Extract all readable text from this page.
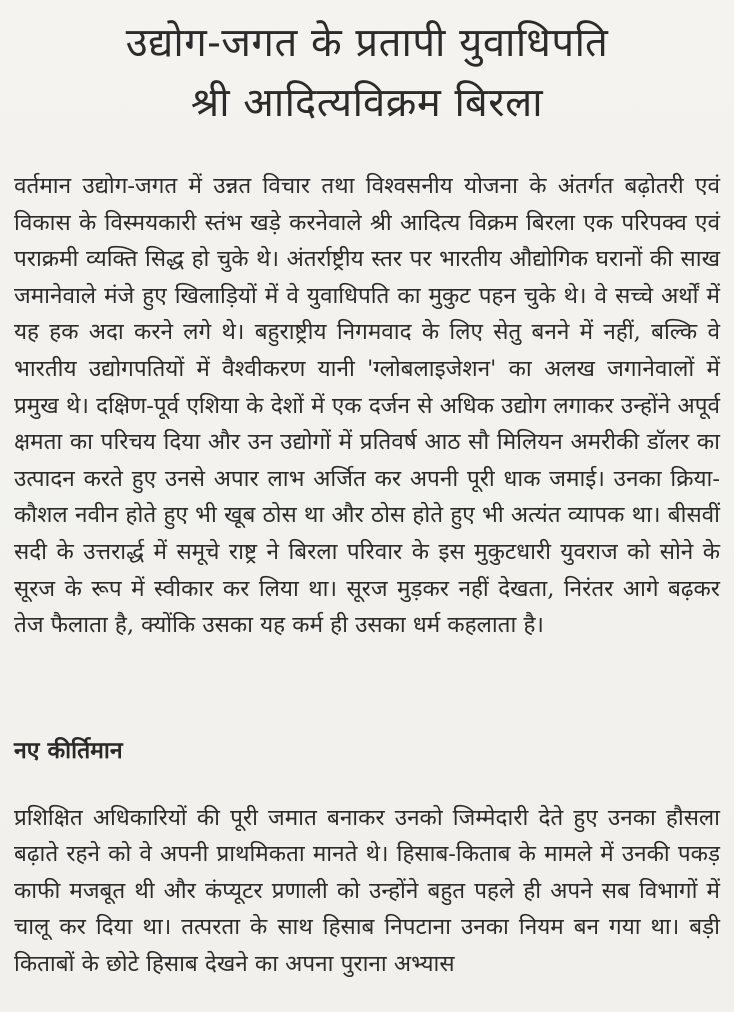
उद्योग-जगत के प्रतापी युवाधिपति
श्री आदित्यविक्रम बिरला
वर्तमान उद्योग-जगत में उन्नत विचार तथा विश्वसनीय योजना के अंतर्गत बढ़ोतरी एवं विकास के विस्मयकारी स्तंभ खड़े करनेवाले श्री आदित्य विक्रम बिरला एक परिपक्व एवं पराक्रमी व्यक्ति सिद्ध हो चुके थे। अंतर्राष्ट्रीय स्तर पर भारतीय औद्योगिक घरानों की साख जमानेवाले मंजे हुए खिलाड़ियों में वे युवाधिपति का मुकुट पहन चुके थे। वे सच्चे अर्थों में यह हक अदा करने लगे थे। बहुराष्ट्रीय निगमवाद के लिए सेतु बनने में नहीं, बल्कि वे भारतीय उद्योगपतियों में वैश्वीकरण यानी 'ग्लोबलाइजेशन' का अलख जगानेवालों में प्रमुख थे। दक्षिण-पूर्व एशिया के देशों में एक दर्जन से अधिक उद्योग लगाकर उन्होंने अपूर्व क्षमता का परिचय दिया और उन उद्योगों में प्रतिवर्ष आठ सौ मिलियन अमरीकी डॉलर का उत्पादन करते हुए उनसे अपार लाभ अर्जित कर अपनी पूरी धाक जमाई। उनका क्रिया-कौशल नवीन होते हुए भी खूब ठोस था और ठोस होते हुए भी अत्यंत व्यापक था। बीसवीं सदी के उत्तरार्द्ध में समूचे राष्ट्र ने बिरला परिवार के इस मुकुटधारी युवराज को सोने के सूरज के रूप में स्वीकार कर लिया था। सूरज मुड़कर नहीं देखता, निरंतर आगे बढ़कर तेज फैलाता है, क्योंकि उसका यह कर्म ही उसका धर्म कहलाता है।
नए कीर्तिमान
प्रशिक्षित अधिकारियों की पूरी जमात बनाकर उनको जिम्मेदारी देते हुए उनका हौसला बढ़ाते रहने को वे अपनी प्राथमिकता मानते थे। हिसाब-किताब के मामले में उनकी पकड़ काफी मजबूत थी और कंप्यूटर प्रणाली को उन्होंने बहुत पहले ही अपने सब विभागों में चालू कर दिया था। तत्परता के साथ हिसाब निपटाना उनका नियम बन गया था। बड़ी किताबों के छोटे हिसाब देखने का अपना पुराना अभ्यास
